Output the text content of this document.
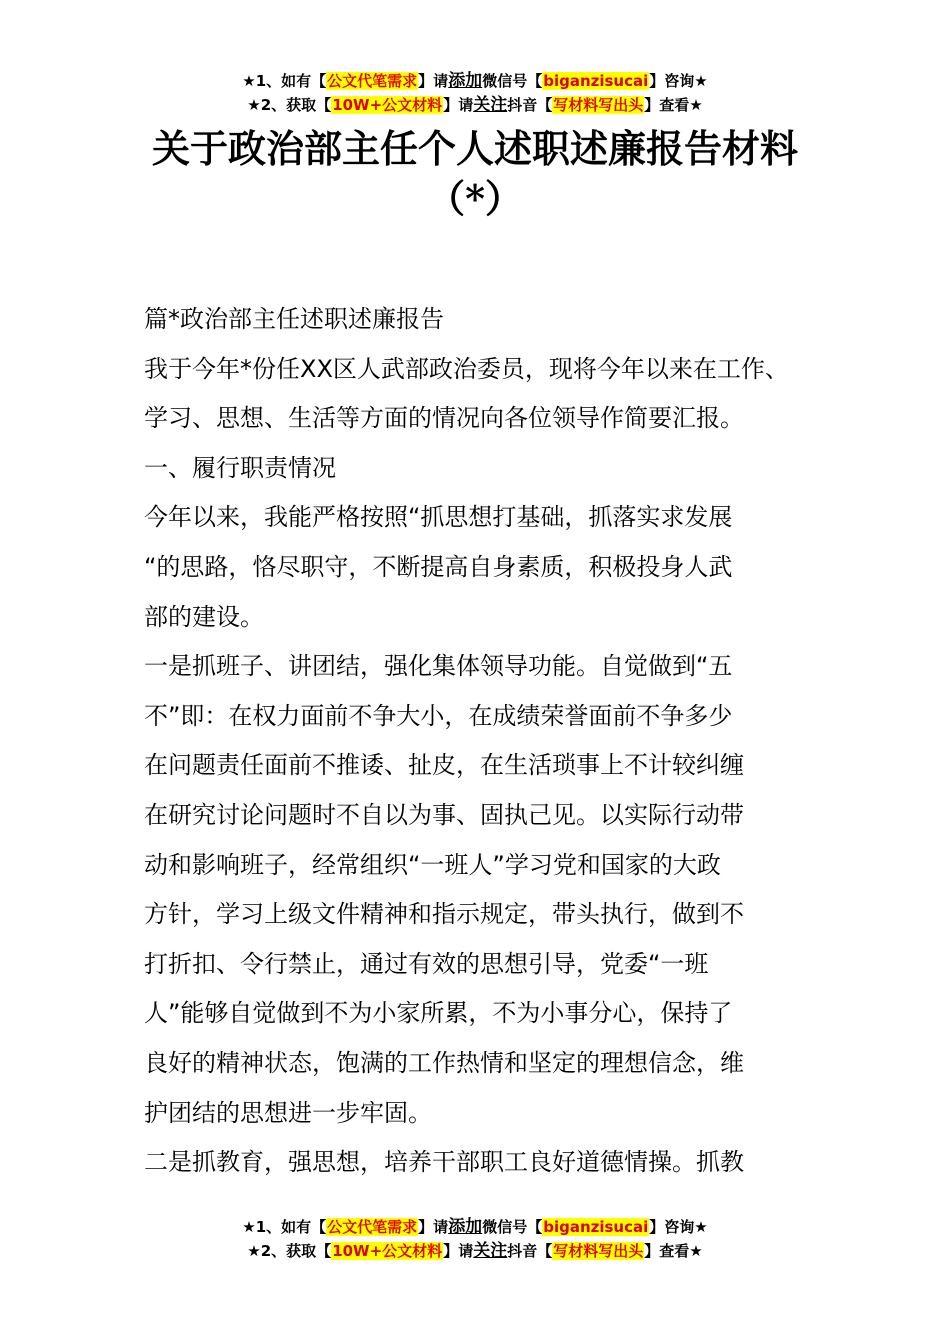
★1、如有【公文代笔需求】请添加微信号【biganzisucai】咨询★
★2、获取【10W+公文材料】请关注抖音【写材料写出头】查看★
关于政治部主任个人述职述廉报告材料
（*）
篇*政治部主任述职述廉报告
我于今年*份任XX区人武部政治委员，现将今年以来在工作、
学习、思想、生活等方面的情况向各位领导作简要汇报。
一、履行职责情况
今年以来，我能严格按照“抓思想打基础，抓落实求发展
“的思路，恪尽职守，不断提高自身素质，积极投身人武
部的建设。
一是抓班子、讲团结，强化集体领导功能。自觉做到“五
不”即：在权力面前不争大小，在成绩荣誉面前不争多少
在问题责任面前不推诿、扯皮，在生活琐事上不计较纠缠
在研究讨论问题时不自以为事、固执己见。以实际行动带
动和影响班子，经常组织“一班人”学习党和国家的大政
方针，学习上级文件精神和指示规定，带头执行，做到不
打折扣、令行禁止，通过有效的思想引导，党委“一班
人”能够自觉做到不为小家所累，不为小事分心，保持了
良好的精神状态，饱满的工作热情和坚定的理想信念，维
护团结的思想进一步牢固。
二是抓教育，强思想，培养干部职工良好道德情操。抓教
★1、如有【公文代笔需求】请添加微信号【biganzisucai】咨询★
★2、获取【10W+公文材料】请关注抖音【写材料写出头】查看★
